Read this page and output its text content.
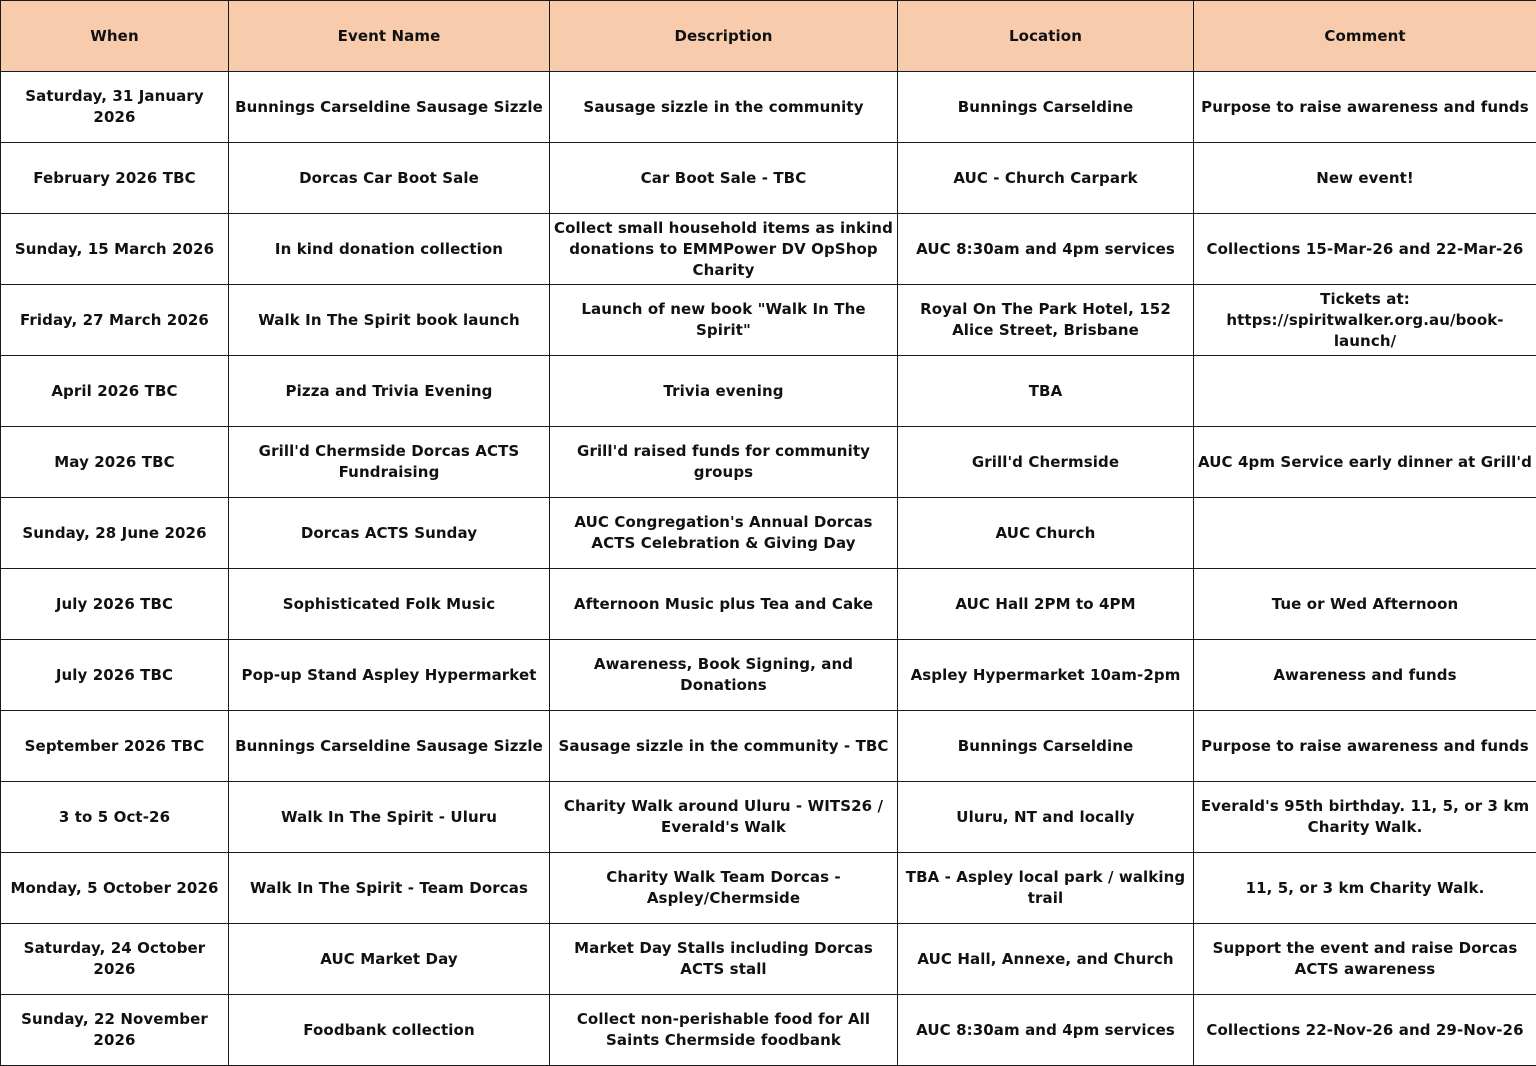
When	Event Name	Description	Location	Comment
Saturday, 31 January 2026	Bunnings Carseldine Sausage Sizzle	Sausage sizzle in the community	Bunnings Carseldine	Purpose to raise awareness and funds
February 2026 TBC	Dorcas Car Boot Sale	Car Boot Sale - TBC	AUC - Church Carpark	New event!
Sunday, 15 March 2026	In kind donation collection	Collect small household items as inkind donations to EMMPower DV OpShop Charity	AUC 8:30am and 4pm services	Collections 15-Mar-26 and 22-Mar-26
Friday, 27 March 2026	Walk In The Spirit book launch	Launch of new book "Walk In The Spirit"	Royal On The Park Hotel, 152 Alice Street, Brisbane	Tickets at: https://spiritwalker.org.au/book-launch/
April 2026 TBC	Pizza and Trivia Evening	Trivia evening	TBA	
May 2026 TBC	Grill'd Chermside Dorcas ACTS Fundraising	Grill'd raised funds for community groups	Grill'd Chermside	AUC 4pm Service early dinner at Grill'd
Sunday, 28 June 2026	Dorcas ACTS Sunday	AUC Congregation's Annual Dorcas ACTS Celebration & Giving Day	AUC Church	
July 2026 TBC	Sophisticated Folk Music	Afternoon Music plus Tea and Cake	AUC Hall 2PM to 4PM	Tue or Wed Afternoon
July 2026 TBC	Pop-up Stand Aspley Hypermarket	Awareness, Book Signing, and Donations	Aspley Hypermarket 10am-2pm	Awareness and funds
September 2026 TBC	Bunnings Carseldine Sausage Sizzle	Sausage sizzle in the community - TBC	Bunnings Carseldine	Purpose to raise awareness and funds
3 to 5 Oct-26	Walk In The Spirit - Uluru	Charity Walk around Uluru - WITS26 / Everald's Walk	Uluru, NT and locally	Everald's 95th birthday. 11, 5, or 3 km Charity Walk.
Monday, 5 October 2026	Walk In The Spirit - Team Dorcas	Charity Walk Team Dorcas - Aspley/Chermside	TBA - Aspley local park / walking trail	11, 5, or 3 km Charity Walk.
Saturday, 24 October 2026	AUC Market Day	Market Day Stalls including Dorcas ACTS stall	AUC Hall, Annexe, and Church	Support the event and raise Dorcas ACTS awareness
Sunday, 22 November 2026	Foodbank collection	Collect non-perishable food for All Saints Chermside foodbank	AUC 8:30am and 4pm services	Collections 22-Nov-26 and 29-Nov-26
